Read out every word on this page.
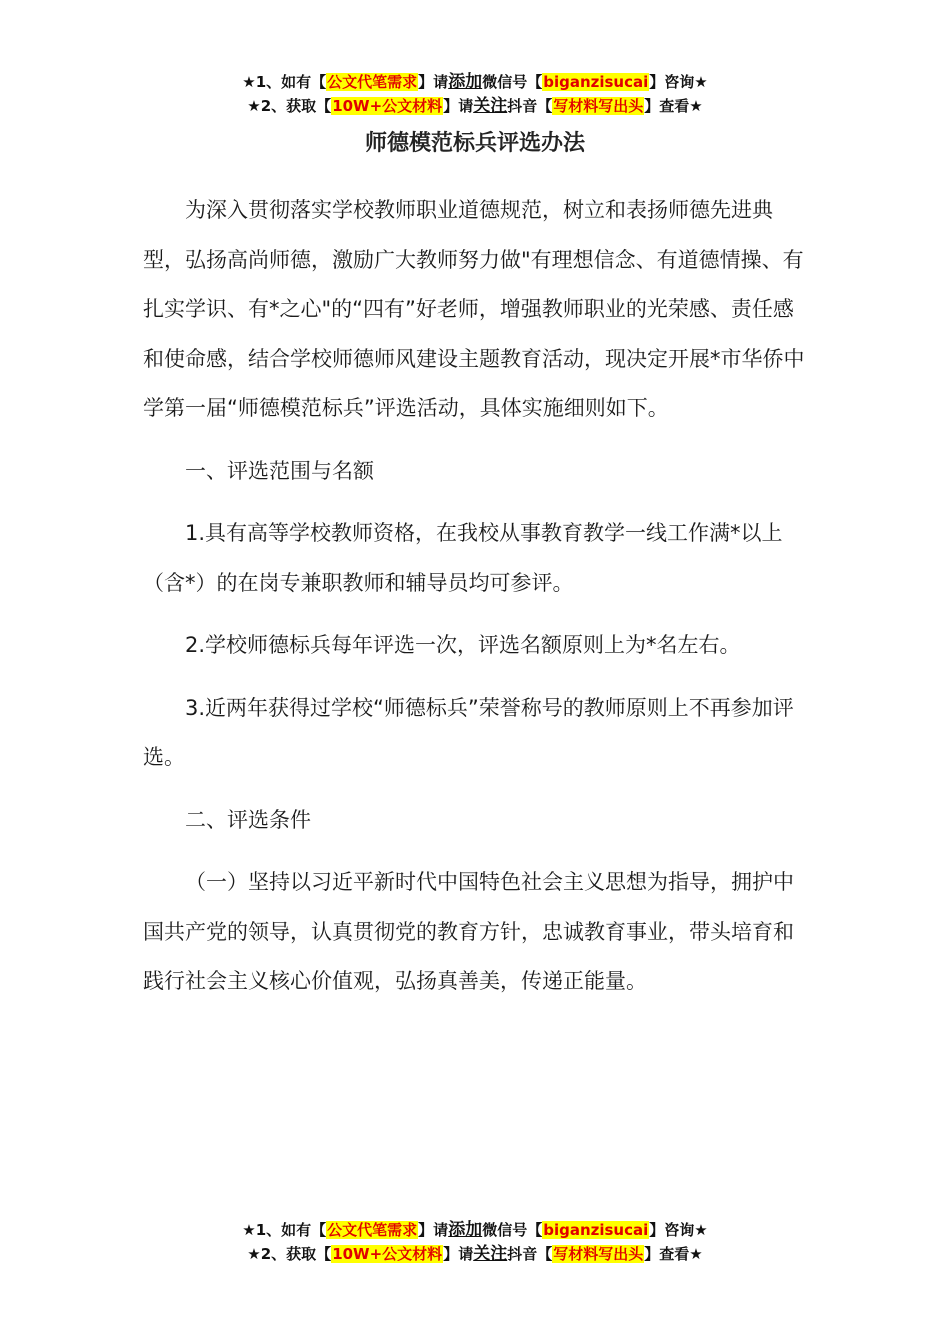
★1、如有【公文代笔需求】请添加微信号【biganzisucai】咨询★
★2、获取【10W+公文材料】请关注抖音【写材料写出头】查看★
师德模范标兵评选办法

为深入贯彻落实学校教师职业道德规范，树立和表扬师德先进典型，弘扬高尚师德，激励广大教师努力做"有理想信念、有道德情操、有扎实学识、有*之心"的“四有”好老师，增强教师职业的光荣感、责任感和使命感，结合学校师德师风建设主题教育活动，现决定开展*市华侨中学第一届“师德模范标兵”评选活动，具体实施细则如下。

一、评选范围与名额

1.具有高等学校教师资格，在我校从事教育教学一线工作满*以上（含*）的在岗专兼职教师和辅导员均可参评。

2.学校师德标兵每年评选一次，评选名额原则上为*名左右。

3.近两年获得过学校“师德标兵”荣誉称号的教师原则上不再参加评选。

二、评选条件

（一）坚持以习近平新时代中国特色社会主义思想为指导，拥护中国共产党的领导，认真贯彻党的教育方针，忠诚教育事业，带头培育和践行社会主义核心价值观，弘扬真善美，传递正能量。

★1、如有【公文代笔需求】请添加微信号【biganzisucai】咨询★
★2、获取【10W+公文材料】请关注抖音【写材料写出头】查看★
